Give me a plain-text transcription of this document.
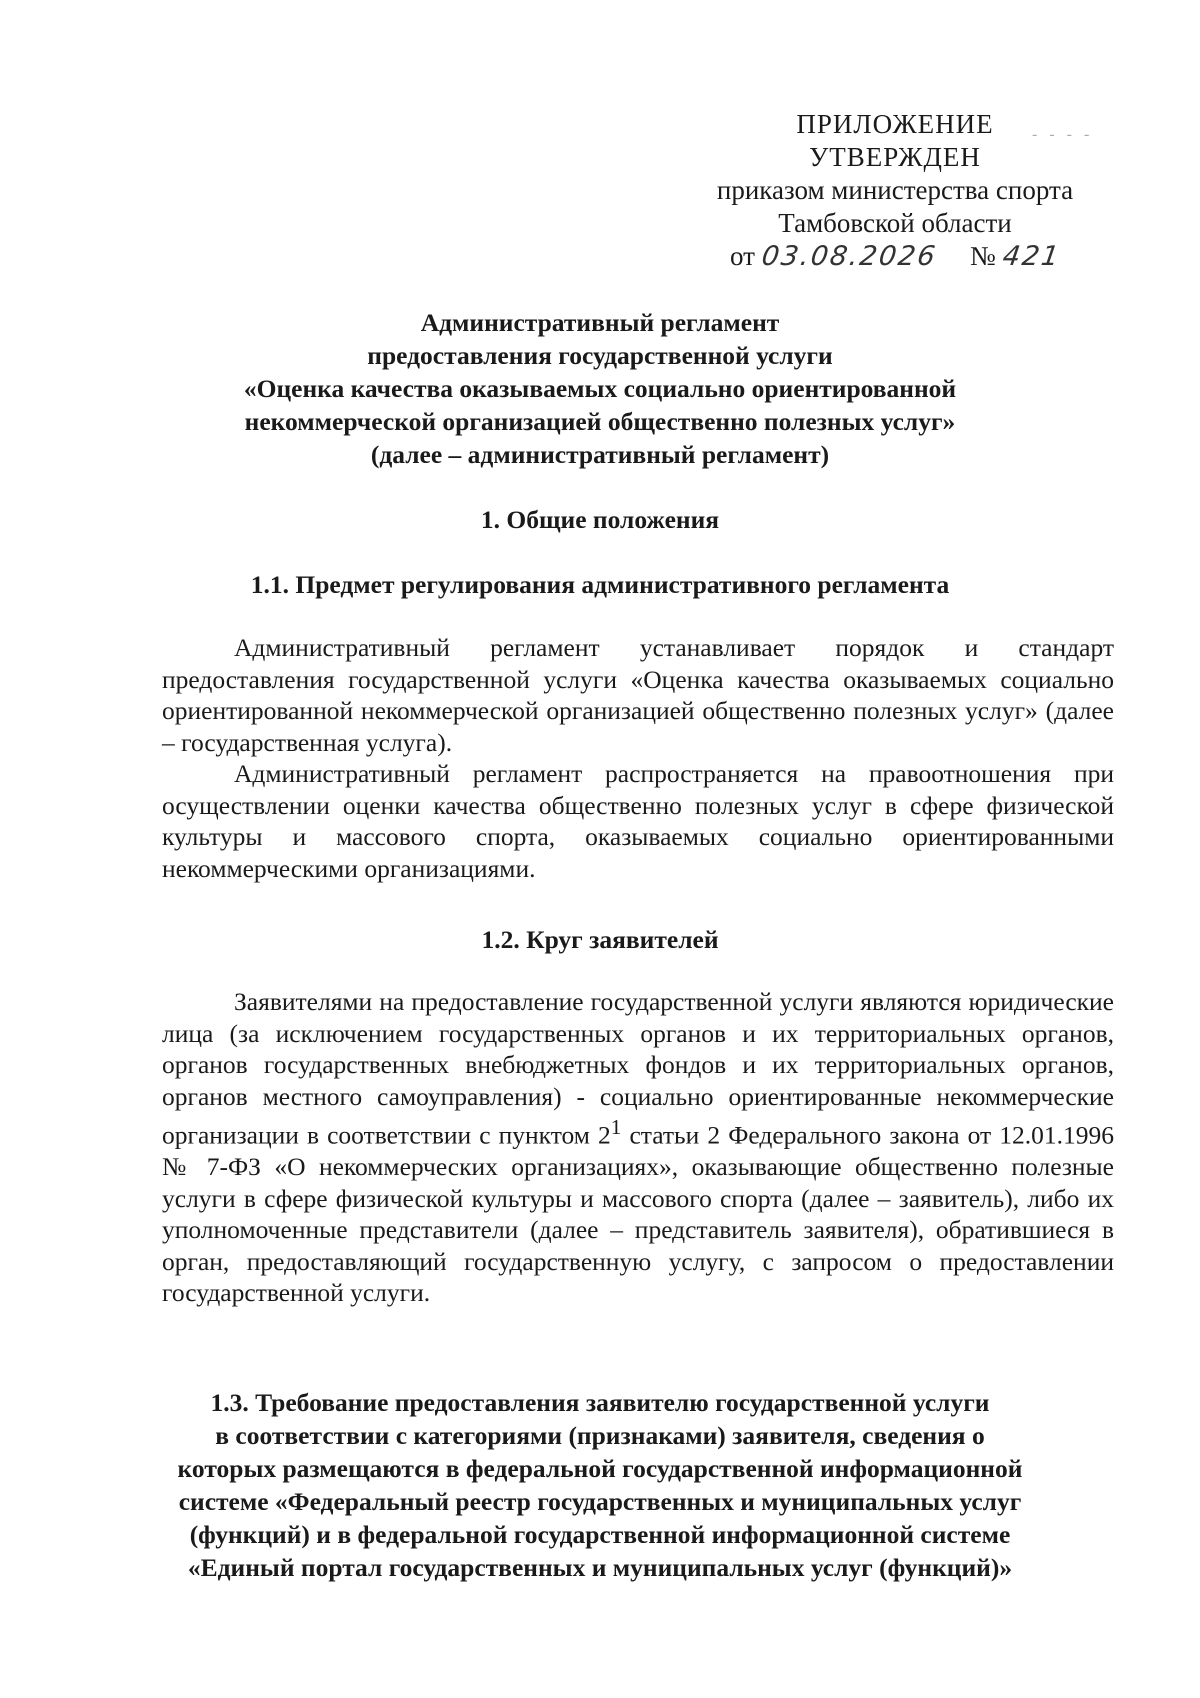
- - - -
ПРИЛОЖЕНИЕ
УТВЕРЖДЕН
приказом министерства спорта
Тамбовской области
от 03.08.2026 № 421
Административный регламент
предоставления государственной услуги
«Оценка качества оказываемых социально ориентированной
некоммерческой организацией общественно полезных услуг»
(далее – административный регламент)
1. Общие положения
1.1. Предмет регулирования административного регламента
Административный регламент устанавливает порядок и стандарт предоставления государственной услуги «Оценка качества оказываемых социально ориентированной некоммерческой организацией общественно полезных услуг» (далее – государственная услуга).
Административный регламент распространяется на правоотношения при осуществлении оценки качества общественно полезных услуг в сфере физической культуры и массового спорта, оказываемых социально ориентированными некоммерческими организациями.
1.2. Круг заявителей
Заявителями на предоставление государственной услуги являются юридические лица (за исключением государственных органов и их территориальных органов, органов государственных внебюджетных фондов и их территориальных органов, органов местного самоуправления) - социально ориентированные некоммерческие организации в соответствии с пунктом $2^1$ статьи 2 Федерального закона от 12.01.1996 № 7-ФЗ «О некоммерческих организациях», оказывающие общественно полезные услуги в сфере физической культуры и массового спорта (далее – заявитель), либо их уполномоченные представители (далее – представитель заявителя), обратившиеся в орган, предоставляющий государственную услугу, с запросом о предоставлении государственной услуги.
1.3. Требование предоставления заявителю государственной услуги
в соответствии с категориями (признаками) заявителя, сведения о
которых размещаются в федеральной государственной информационной
системе «Федеральный реестр государственных и муниципальных услуг
(функций) и в федеральной государственной информационной системе
«Единый портал государственных и муниципальных услуг (функций)»
